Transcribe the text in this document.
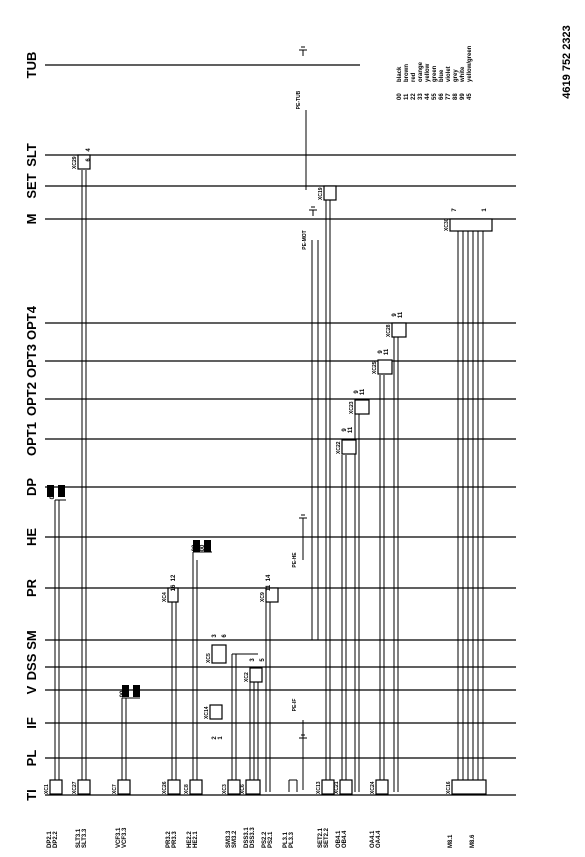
TUB
SLT
SET
M
OPT4
OPT3
OPT2
OPT1
DP
HE
PR
SM
DSS
V
IF
PL
TI
4619 752 2323
00
black
11
brown
22
red
33
orange
44
yellow
55
green
66
blue
77
violet
88
grey
99
white
45
yellow/green
PE-TUB
PE-MOT
PE-HE
PE-IF
XC1	XC27	XC7	XC26	XC8	XC3 XC6	XC13 XC21	XC24	XC16
XC4
XC5
XC2
XC9
XC29
XC14
XC19
XC22
XC23
XC25
XC28
XC30
DP2.1 DP2.2	SLT3.1 SLT3.3	VCF3.1 VCF3.3	PR3.2 PR3.3 HE2.2 HE2.1	SM3.3 SM3.2 DSS3.1 DSS3.3 PS2.2 PS2.1 PL3.1 PL3.3	SET2.1 SET2.2 OB4.1 OB4.4	OA4.1 OA4.4	M8.1	M8.6
4
6
12
16
14
11
3 6
3 5
2 1
9 11
9 11
9 11
9 11
7	1
00
00
00 00
